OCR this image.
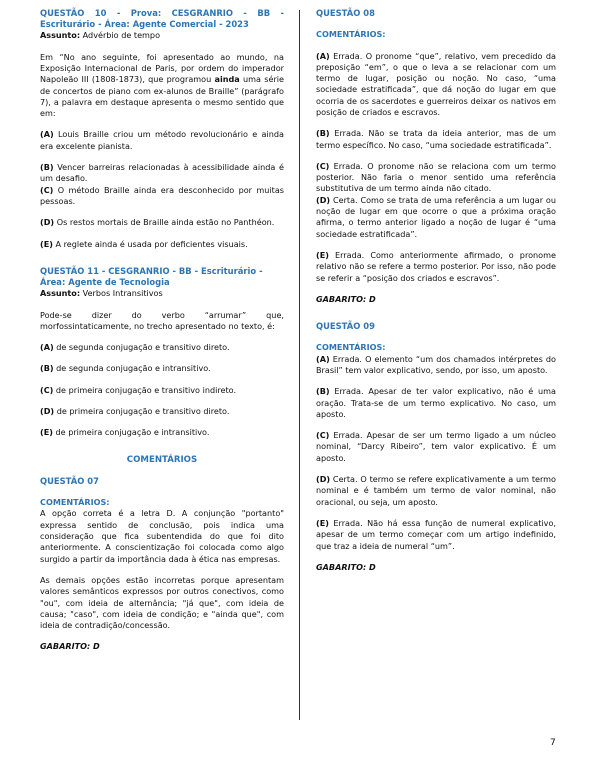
QUESTÃO 10 - Prova: CESGRANRIO - BB - Escriturário - Área: Agente Comercial - 2023

Assunto: Advérbio de tempo

Em “No ano seguinte, foi apresentado ao mundo, na Exposição Internacional de Paris, por ordem do imperador Napoleão III (1808-1873), que programou ainda uma série de concertos de piano com ex-alunos de Braille” (parágrafo 7), a palavra em destaque apresenta o mesmo sentido que em:

(A) Louis Braille criou um método revolucionário e ainda era excelente pianista.

(B) Vencer barreiras relacionadas à acessibilidade ainda é um desafio.

(C) O método Braille ainda era desconhecido por muitas pessoas.

(D) Os restos mortais de Braille ainda estão no Panthéon.

(E) A reglete ainda é usada por deficientes visuais.

QUESTÃO 11 - CESGRANRIO - BB - Escriturário - Área: Agente de Tecnologia

Assunto: Verbos Intransitivos

Pode-se dizer do verbo “arrumar” que, morfossintaticamente, no trecho apresentado no texto, é:

(A) de segunda conjugação e transitivo direto.

(B) de segunda conjugação e intransitivo.

(C) de primeira conjugação e transitivo indireto.

(D) de primeira conjugação e transitivo direto.

(E) de primeira conjugação e intransitivo.

COMENTÁRIOS

QUESTÃO 07

COMENTÁRIOS:

A opção correta é a letra D. A conjunção "portanto" expressa sentido de conclusão, pois indica uma consideração que fica subentendida do que foi dito anteriormente. A conscientização foi colocada como algo surgido a partir da importância dada à ética nas empresas.

As demais opções estão incorretas porque apresentam valores semânticos expressos por outros conectivos, como "ou", com ideia de alternância; "já que", com ideia de causa; "caso", com ideia de condição; e "ainda que", com ideia de contradição/concessão.

GABARITO: D

QUESTÃO 08

COMENTÁRIOS:

(A) Errada. O pronome “que”, relativo, vem precedido da preposição “em”, o que o leva a se relacionar com um termo de lugar, posição ou noção. No caso, “uma sociedade estratificada”, que dá noção do lugar em que ocorria de os sacerdotes e guerreiros deixar os nativos em posição de criados e escravos.

(B) Errada. Não se trata da ideia anterior, mas de um termo específico. No caso, “uma sociedade estratificada”.

(C) Errada. O pronome não se relaciona com um termo posterior. Não faria o menor sentido uma referência substitutiva de um termo ainda não citado.

(D) Certa. Como se trata de uma referência a um lugar ou noção de lugar em que ocorre o que a próxima oração afirma, o termo anterior ligado a noção de lugar é “uma sociedade estratificada”.

(E) Errada. Como anteriormente afirmado, o pronome relativo não se refere a termo posterior. Por isso, não pode se referir a “posição dos criados e escravos”.

GABARITO: D

QUESTÃO 09

COMENTÁRIOS:

(A) Errada. O elemento “um dos chamados intérpretes do Brasil” tem valor explicativo, sendo, por isso, um aposto.

(B) Errada. Apesar de ter valor explicativo, não é uma oração. Trata-se de um termo explicativo. No caso, um aposto.

(C) Errada. Apesar de ser um termo ligado a um núcleo nominal, “Darcy Ribeiro”, tem valor explicativo. É um aposto.

(D) Certa. O termo se refere explicativamente a um termo nominal e é também um termo de valor nominal, não oracional, ou seja, um aposto.

(E) Errada. Não há essa função de numeral explicativo, apesar de um termo começar com um artigo indefinido, que traz a ideia de numeral “um”.

GABARITO: D

7
